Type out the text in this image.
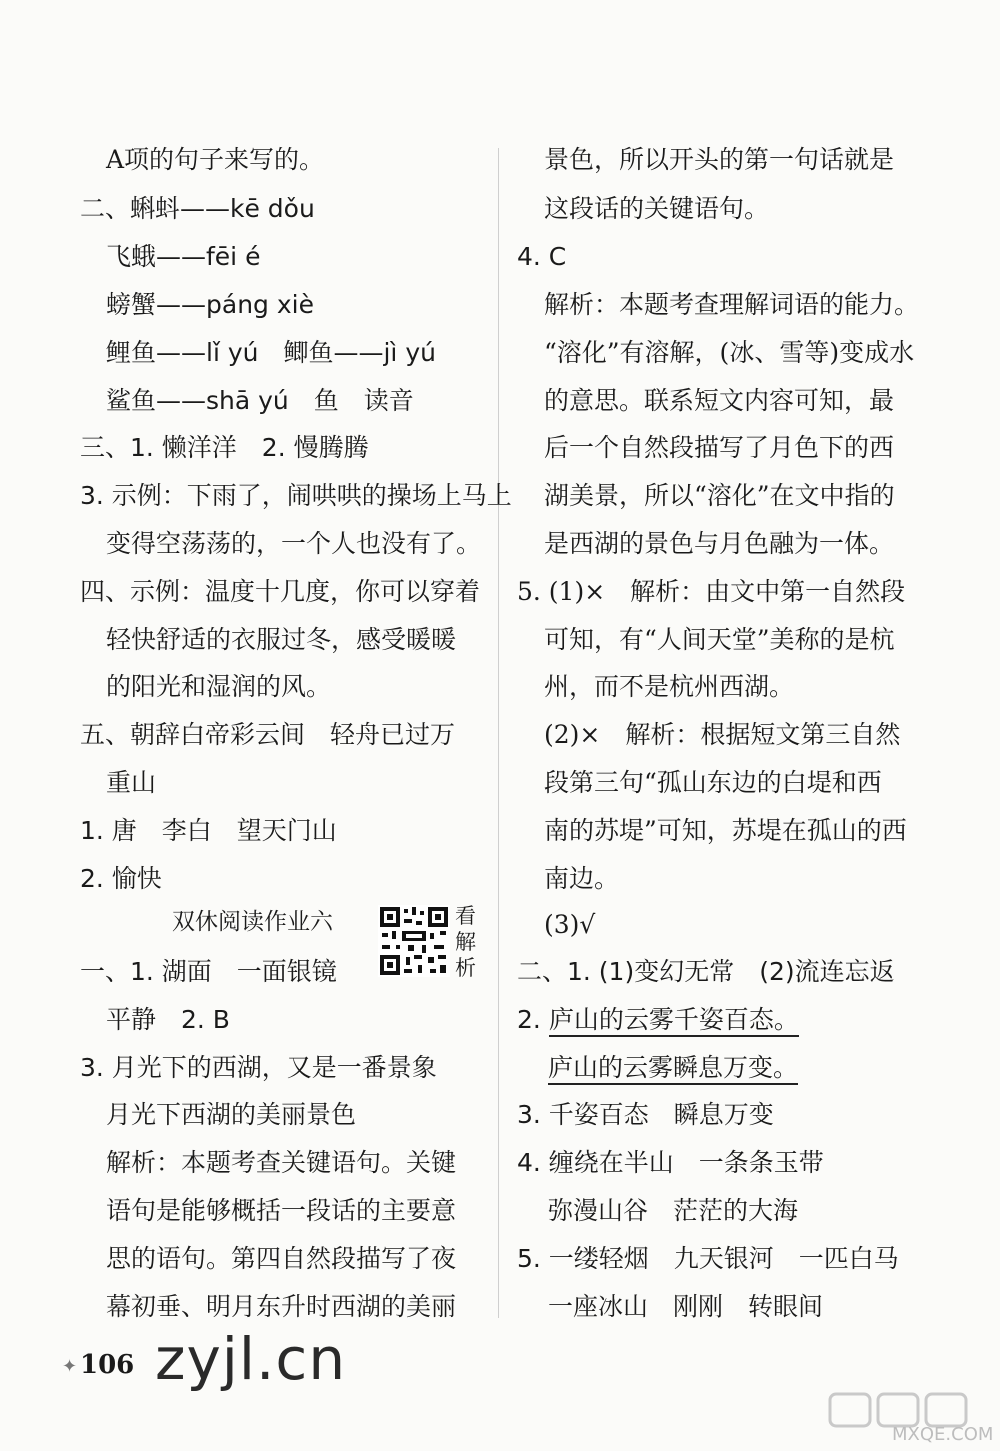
A项的句子来写的。
二、蝌蚪——kē dǒu
飞蛾——fēi é
螃蟹——páng xiè
鲤鱼——lǐ yú　鲫鱼——jì yú
鲨鱼——shā yú　鱼　读音
三、1. 懒洋洋　2. 慢腾腾
3. 示例：下雨了，闹哄哄的操场上马上
变得空荡荡的，一个人也没有了。
四、示例：温度十几度，你可以穿着
轻快舒适的衣服过冬，感受暖暖
的阳光和湿润的风。
五、朝辞白帝彩云间　轻舟已过万
重山
1. 唐　李白　望天门山
2. 愉快
双休阅读作业六	看解析
一、1. 湖面　一面银镜
平静　2. B
3. 月光下的西湖，又是一番景象
月光下西湖的美丽景色
解析：本题考查关键语句。关键
语句是能够概括一段话的主要意
思的语句。第四自然段描写了夜
幕初垂、明月东升时西湖的美丽
景色，所以开头的第一句话就是
这段话的关键语句。
4. C
解析：本题考查理解词语的能力。
“溶化”有溶解，(冰、雪等)变成水
的意思。联系短文内容可知，最
后一个自然段描写了月色下的西
湖美景，所以“溶化”在文中指的
是西湖的景色与月色融为一体。
5. (1)×　解析：由文中第一自然段
可知，有“人间天堂”美称的是杭
州，而不是杭州西湖。
(2)×　解析：根据短文第三自然
段第三句“孤山东边的白堤和西
南的苏堤”可知，苏堤在孤山的西
南边。
(3)√
二、1. (1)变幻无常　(2)流连忘返
2. 庐山的云雾千姿百态。
庐山的云雾瞬息万变。
3. 千姿百态　瞬息万变
4. 缠绕在半山　一条条玉带
弥漫山谷　茫茫的大海
5. 一缕轻烟　九天银河　一匹白马
一座冰山　刚刚　转眼间
✦ 106 zyjl.cn
MXQE.COM
